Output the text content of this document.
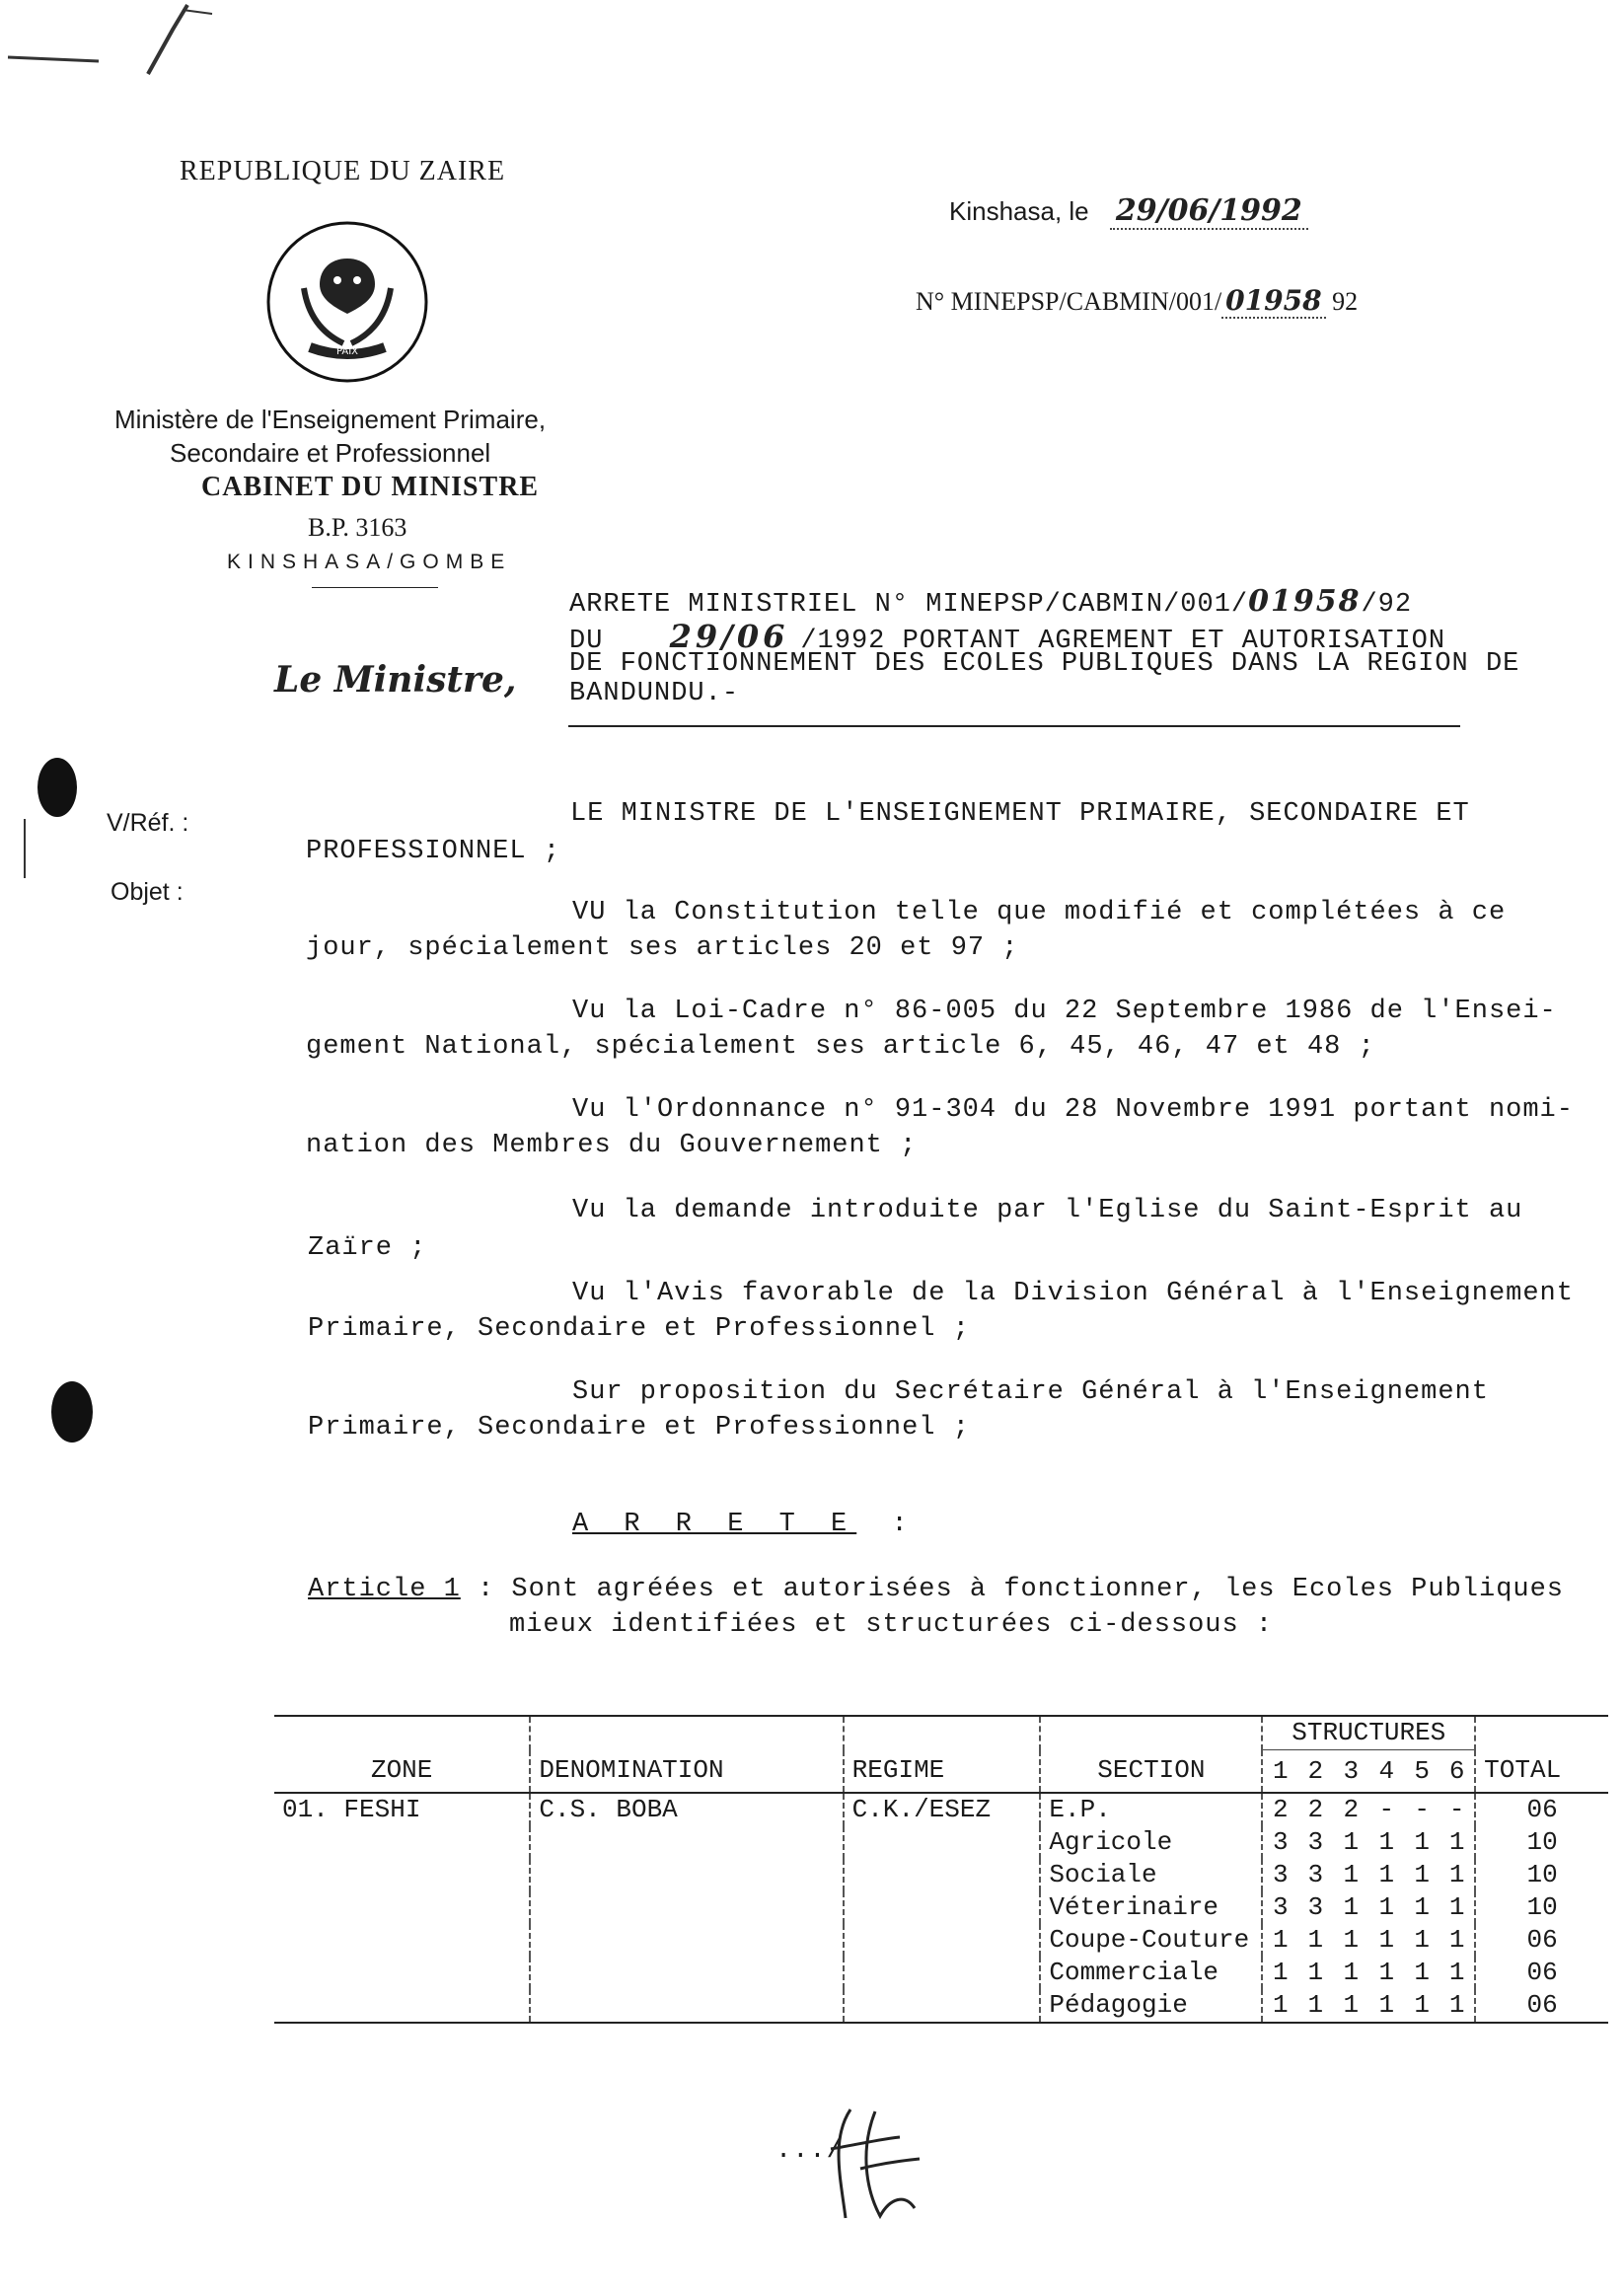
REPUBLIQUE DU ZAIRE
PAIX
Ministère de l'Enseignement Primaire,
Secondaire et Professionnel
CABINET DU MINISTRE
B.P. 3163
KINSHASA/GOMBE
Kinshasa, le 29/06/1992
N° MINEPSP/CABMIN/001/ 01958 92
ARRETE MINISTRIEL N° MINEPSP/CABMIN/001/01958/92
DU 29/06 /1992 PORTANT AGREMENT ET AUTORISATION
DE FONCTIONNEMENT DES ECOLES PUBLIQUES DANS LA REGION DE
BANDUNDU.-
Le Ministre,
V/Réf. :
Objet :
LE MINISTRE DE L'ENSEIGNEMENT PRIMAIRE, SECONDAIRE ET
PROFESSIONNEL ;
VU la Constitution telle que modifié et complétées à ce
jour, spécialement ses articles 20 et 97 ;
Vu la Loi-Cadre n° 86-005 du 22 Septembre 1986 de l'Ensei-
gement National, spécialement ses article 6, 45, 46, 47 et 48 ;
Vu l'Ordonnance n° 91-304 du 28 Novembre 1991 portant nomi-
nation des Membres du Gouvernement ;
Vu la demande introduite par l'Eglise du Saint-Esprit au
Zaïre ;
Vu l'Avis favorable de la Division Général à l'Enseignement
Primaire, Secondaire et Professionnel ;
Sur proposition du Secrétaire Général à l'Enseignement
Primaire, Secondaire et Professionnel ;
A R R E T E :
Article 1 : Sont agréées et autorisées à fonctionner, les Ecoles Publiques
mieux identifiées et structurées ci-dessous :
				STRUCTURES						
ZONE	DENOMINATION	REGIME	SECTION	1	2	3	4	5	6	TOTAL
01. FESHI	C.S. BOBA	C.K./ESEZ	E.P.	2	2	2	-	-	-	06
			Agricole	3	3	1	1	1	1	10
			Sociale	3	3	1	1	1	1	10
			Véterinaire	3	3	1	1	1	1	10
			Coupe-Couture	1	1	1	1	1	1	06
			Commerciale	1	1	1	1	1	1	06
			Pédagogie	1	1	1	1	1	1	06
.../
